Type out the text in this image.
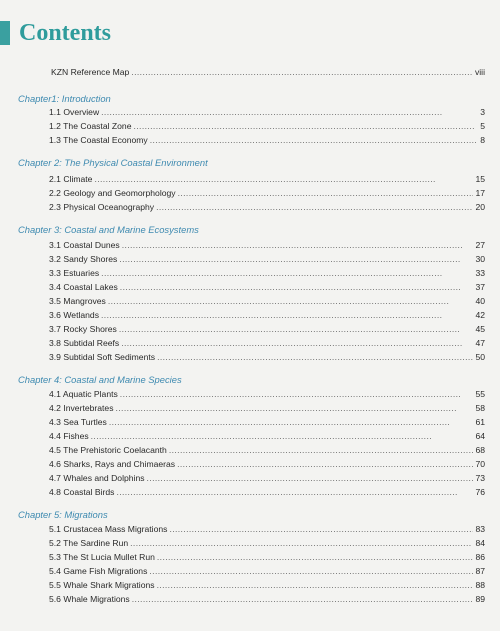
Contents
KZN Reference Map . . .	viii
Chapter1: Introduction
1.1 Overview . . .	3
1.2 The Coastal Zone . . .	5
1.3 The Coastal Economy . . .	8
Chapter 2: The Physical Coastal Environment
2.1 Climate . . .	15
2.2 Geology and Geomorphology . . .	17
2.3 Physical Oceanography . . .	20
Chapter 3: Coastal and Marine Ecosystems
3.1 Coastal Dunes . . .	27
3.2 Sandy Shores . . .	30
3.3 Estuaries . . .	33
3.4 Coastal Lakes . . .	37
3.5 Mangroves . . .	40
3.6 Wetlands . . .	42
3.7 Rocky Shores . . .	45
3.8 Subtidal Reefs . . .	47
3.9 Subtidal Soft Sediments . . .	50
Chapter 4: Coastal and Marine Species
4.1 Aquatic Plants . . .	55
4.2 Invertebrates . . .	58
4.3 Sea Turtles . . .	61
4.4 Fishes . . .	64
4.5 The Prehistoric Coelacanth . . .	68
4.6 Sharks, Rays and Chimaeras . . .	70
4.7 Whales and Dolphins . . .	73
4.8 Coastal Birds . . .	76
Chapter 5: Migrations
5.1 Crustacea Mass Migrations . . .	83
5.2 The Sardine Run . . .	84
5.3 The St Lucia Mullet Run . . .	86
5.4 Game Fish Migrations . . .	87
5.5 Whale Shark Migrations . . .	88
5.6 Whale Migrations . . .	89
